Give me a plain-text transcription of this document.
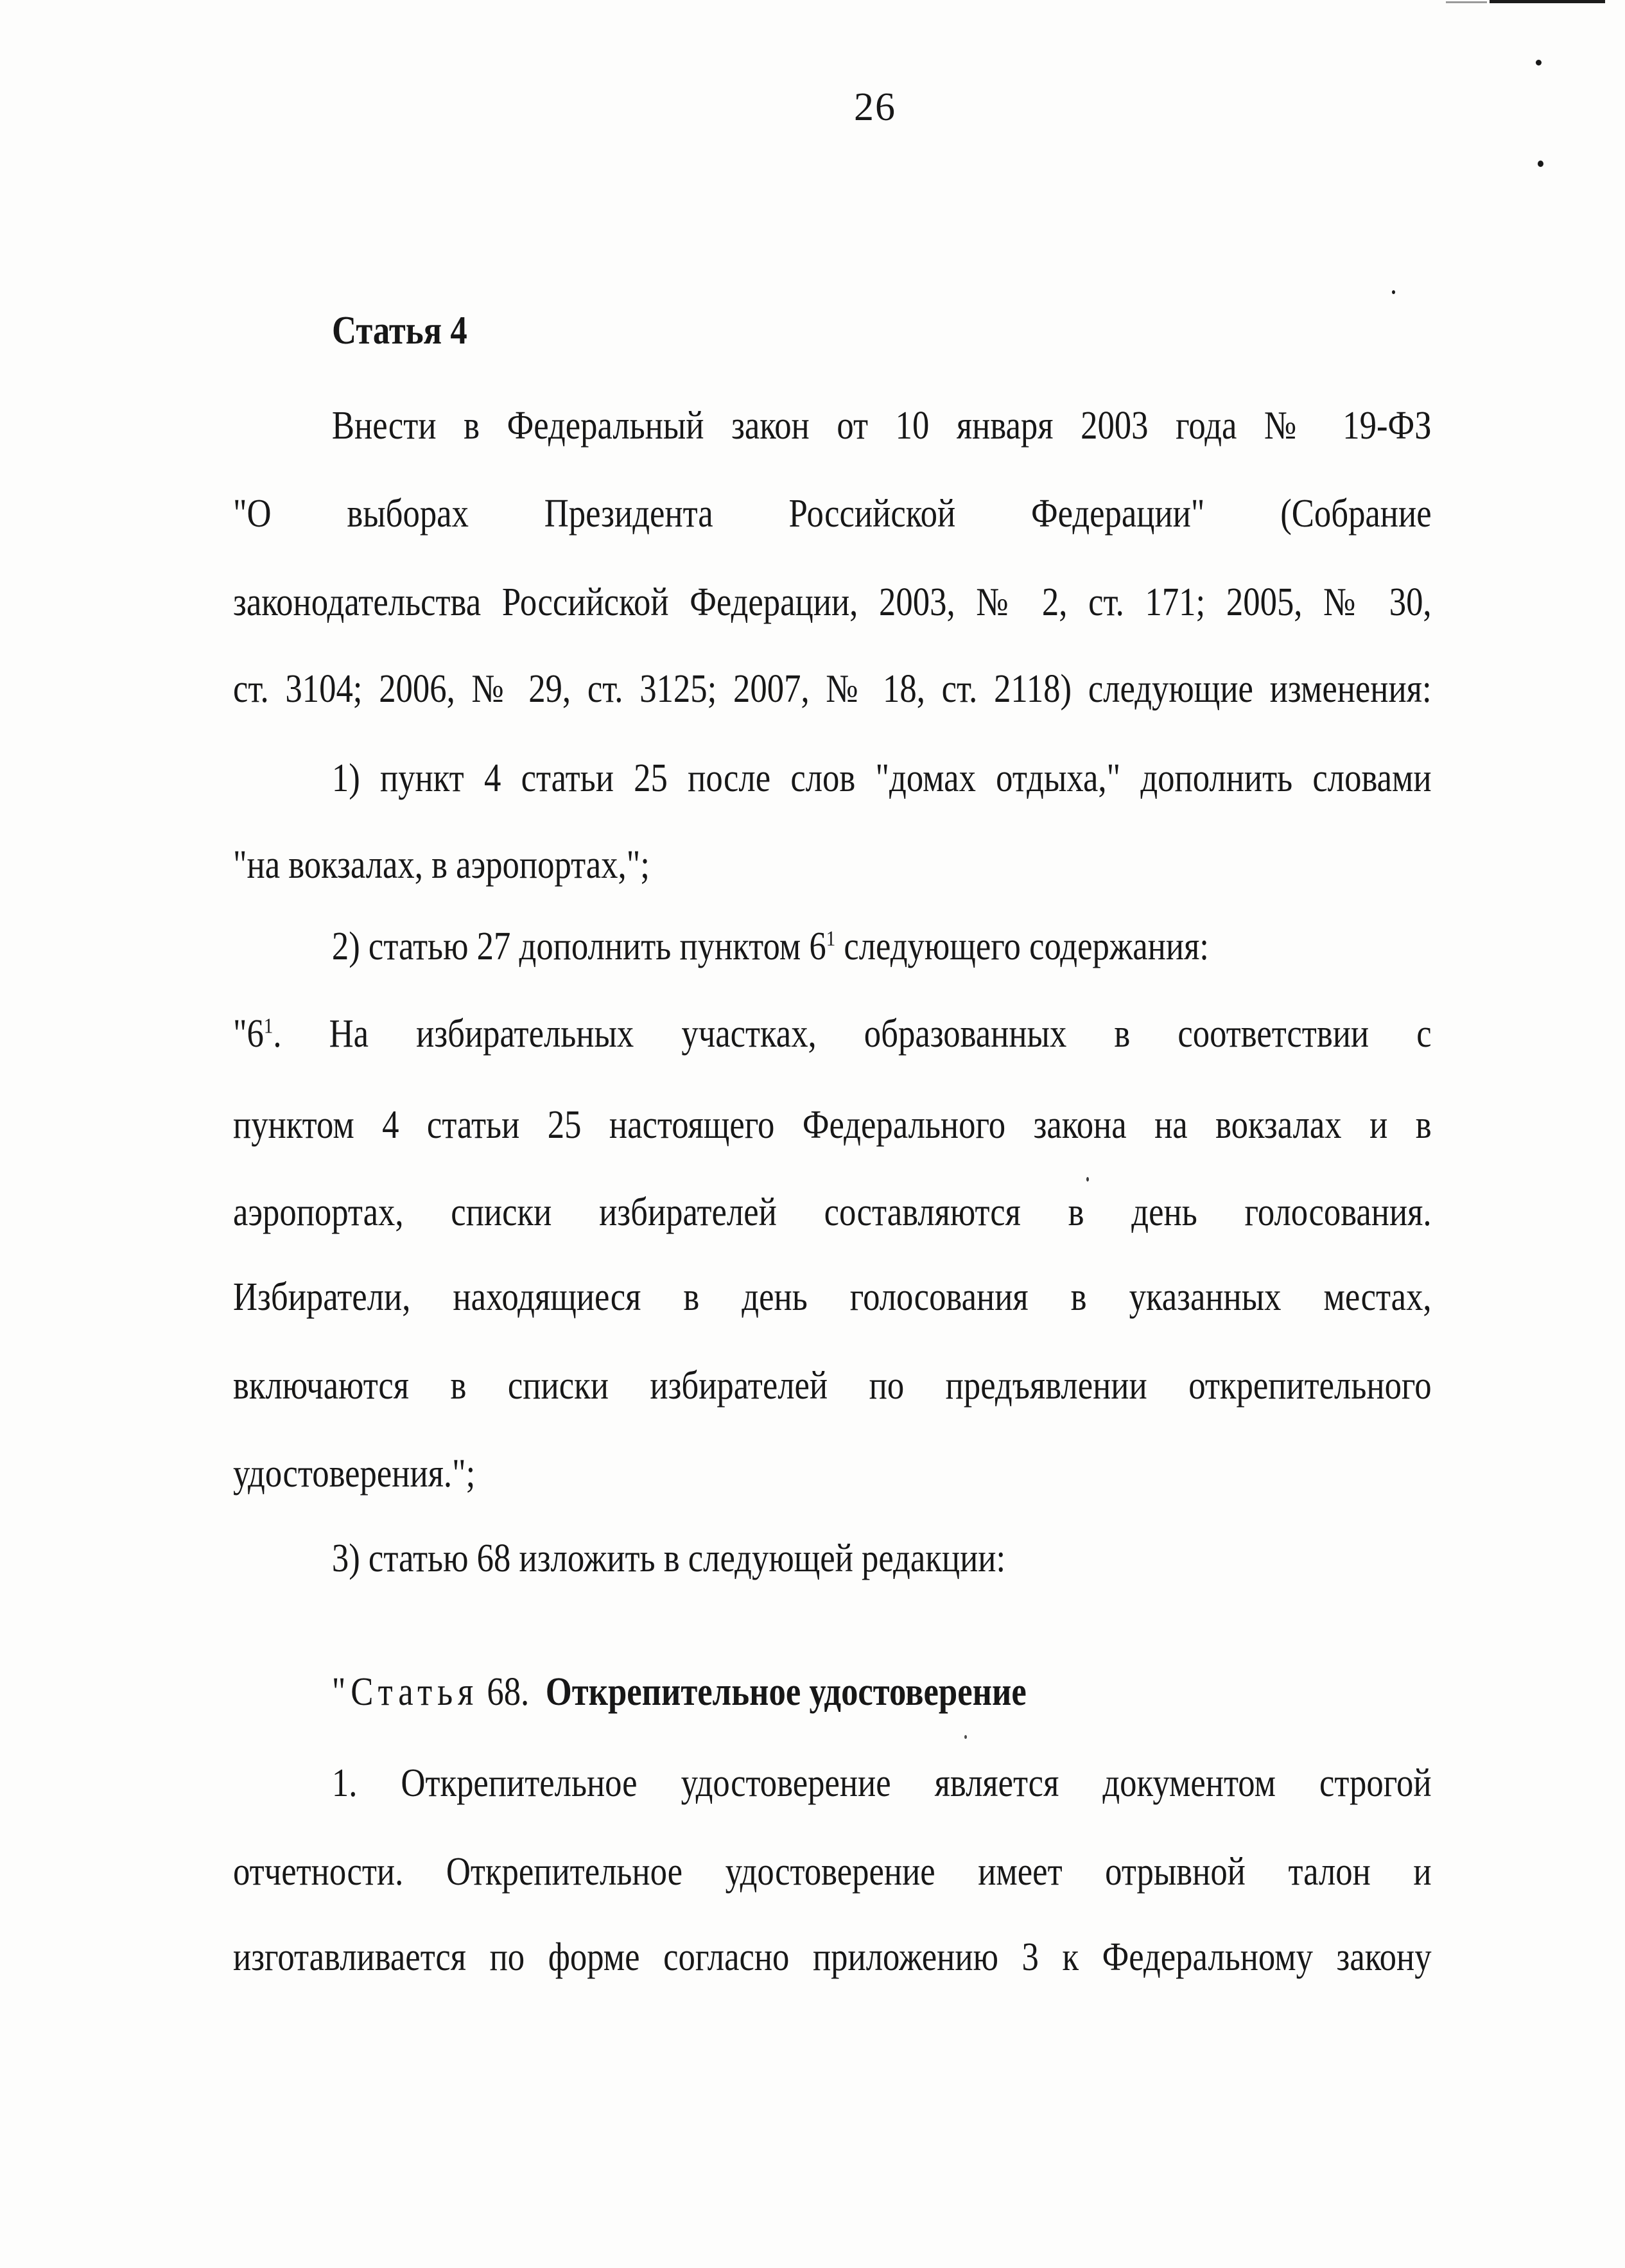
26
Статья 4
Внести в Федеральный закон от 10 января 2003 года № 19-ФЗ
"О выборах Президента Российской Федерации" (Собрание
законодательства Российской Федерации, 2003, № 2, ст. 171; 2005, № 30,
ст. 3104; 2006, № 29, ст. 3125; 2007, № 18, ст. 2118) следующие изменения:
1) пункт 4 статьи 25 после слов "домах отдыха," дополнить словами
"на вокзалах, в аэропортах,";
2) статью 27 дополнить пунктом $6^1$ следующего содержания:
"$6^1$. На избирательных участках, образованных в соответствии с
пунктом 4 статьи 25 настоящего Федерального закона на вокзалах и в
аэропортах, списки избирателей составляются в день голосования.
Избиратели, находящиеся в день голосования в указанных местах,
включаются в списки избирателей по предъявлении открепительного
удостоверения.";
3) статью 68 изложить в следующей редакции:
"Статья 68. Открепительное удостоверение
1. Открепительное удостоверение является документом строгой
отчетности. Открепительное удостоверение имеет отрывной талон и
изготавливается по форме согласно приложению 3 к Федеральному закону
